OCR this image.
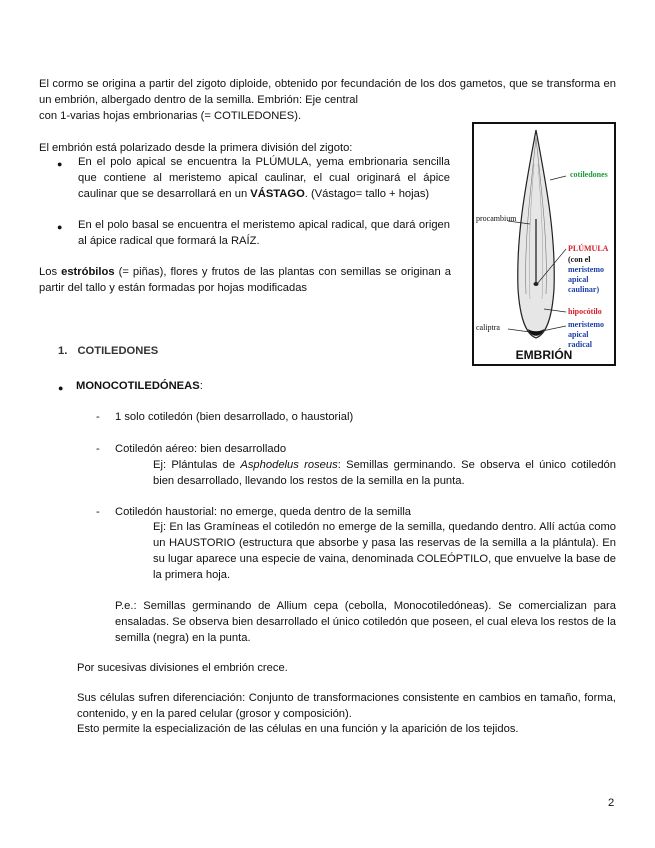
El cormo se origina a partir del zigoto diploide, obtenido por fecundación de los dos gametos, que se transforma en un embrión, albergado dentro de la semilla. Embrión: Eje central
con 1-varias hojas embrionarias (= COTILEDONES).
El embrión está polarizado desde la primera división del zigoto:
● En el polo apical se encuentra la PLÚMULA, yema embrionaria sencilla que contiene al meristemo apical caulinar, el cual originará el ápice caulinar que se desarrollará en un VÁSTAGO. (Vástago= tallo + hojas)
● En el polo basal se encuentra el meristemo apical radical, que dará origen al ápice radical que formará la RAÍZ.
Los estróbilos (= piñas), flores y frutos de las plantas con semillas se originan a partir del tallo y están formadas por hojas modificadas
cotiledones
procambium
PLÚMULA
(con el
meristemo
apical
caulinar)
hipocótilo
caliptra	meristemo
apical
radical
EMBRIÓN
1. COTILEDONES
● MONOCOTILEDÓNEAS:
- 1 solo cotiledón (bien desarrollado, o haustorial)
- Cotiledón aéreo: bien desarrollado
Ej: Plántulas de Asphodelus roseus: Semillas germinando. Se observa el único cotiledón bien desarrollado, llevando los restos de la semilla en la punta.
- Cotiledón haustorial: no emerge, queda dentro de la semilla
Ej: En las Gramíneas el cotiledón no emerge de la semilla, quedando dentro. Allí actúa como un HAUSTORIO (estructura que absorbe y pasa las reservas de la semilla a la plántula). En su lugar aparece una especie de vaina, denominada COLEÓPTILO, que envuelve la base de la primera hoja.
P.e.: Semillas germinando de Allium cepa (cebolla, Monocotiledóneas). Se comercializan para ensaladas. Se observa bien desarrollado el único cotiledón que poseen, el cual eleva los restos de la semilla (negra) en la punta.
Por sucesivas divisiones el embrión crece.
Sus células sufren diferenciación: Conjunto de transformaciones consistente en cambios en tamaño, forma, contenido, y en la pared celular (grosor y composición).
Esto permite la especialización de las células en una función y la aparición de los tejidos.
2
